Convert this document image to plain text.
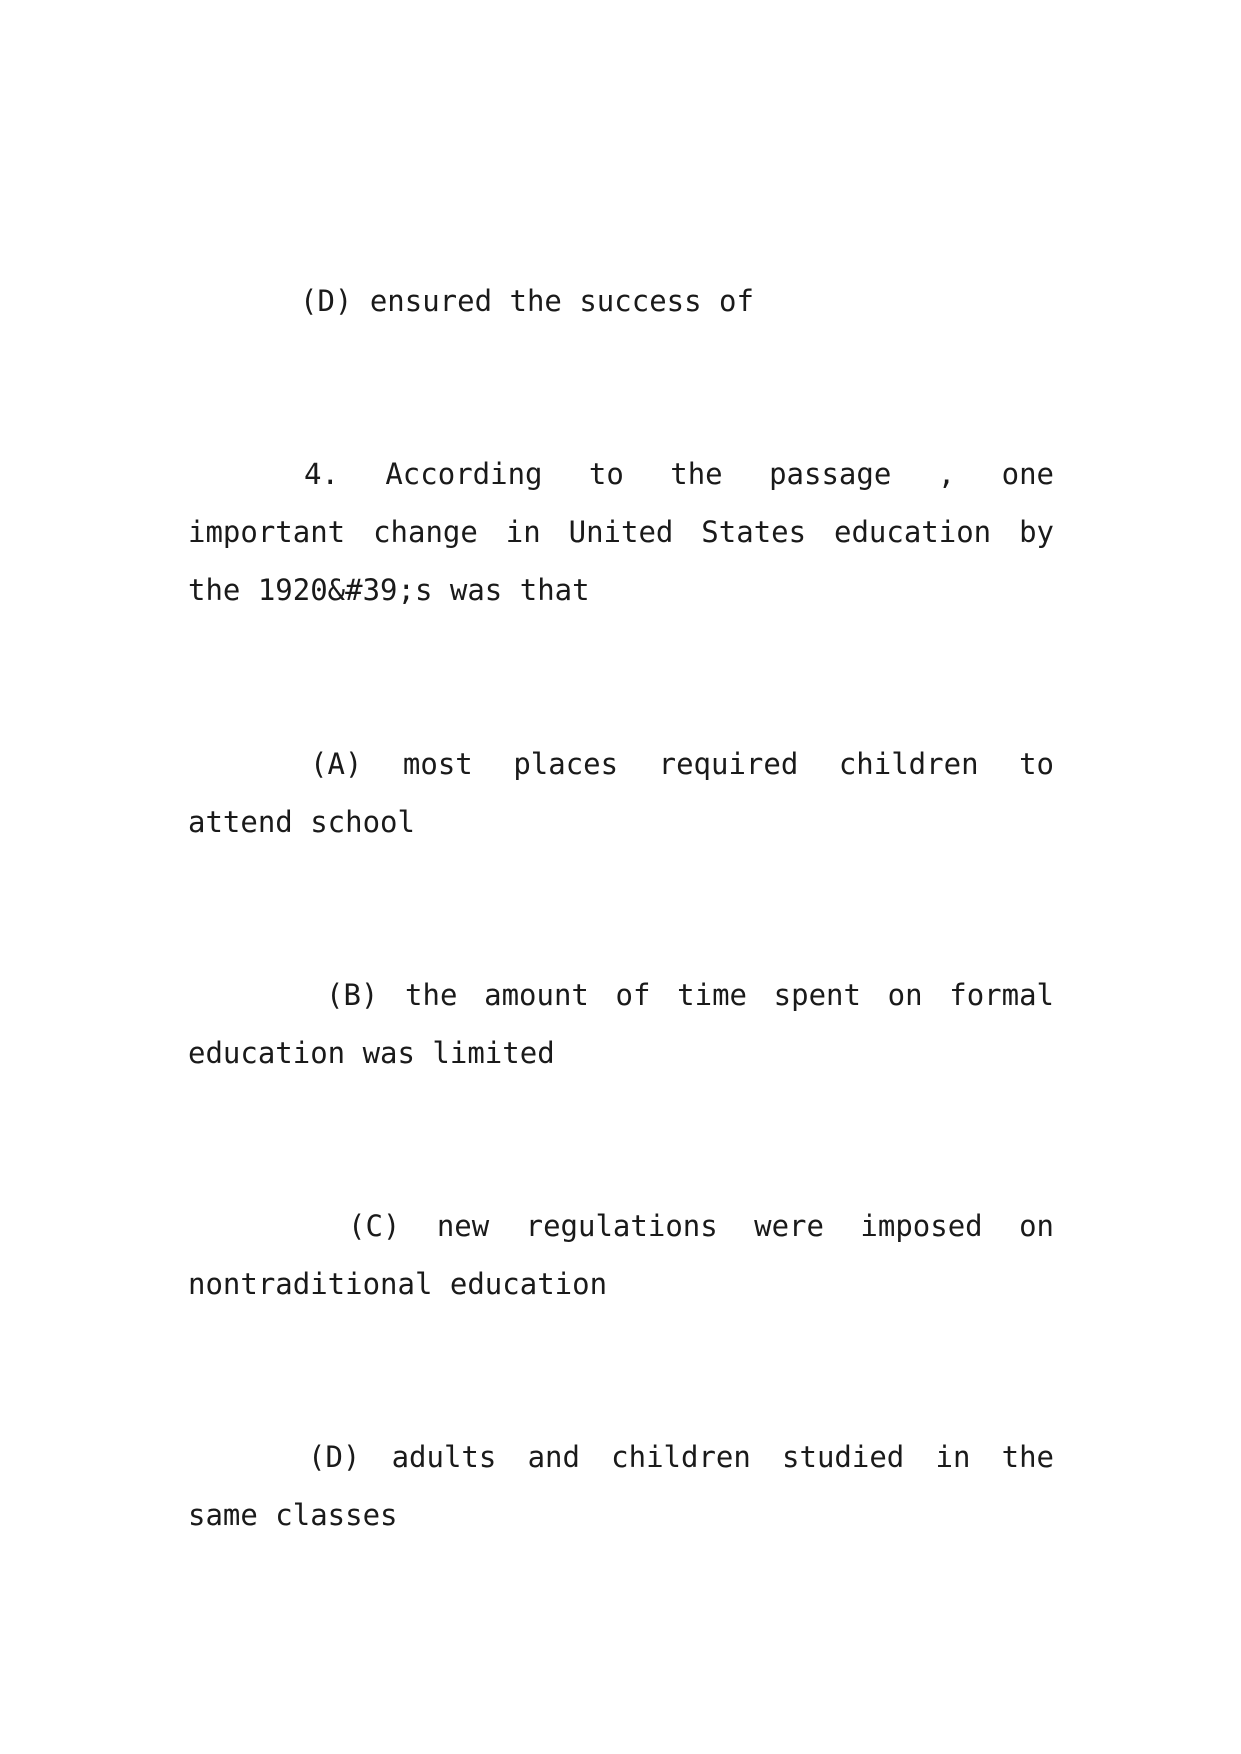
(D) ensured the success of

4. According to the passage , one important change in United States education by the 1920&#39;s was that

(A) most places required children to attend school

(B) the amount of time spent on formal education was limited

(C) new regulations were imposed on nontraditional education

(D) adults and children studied in the same classes
